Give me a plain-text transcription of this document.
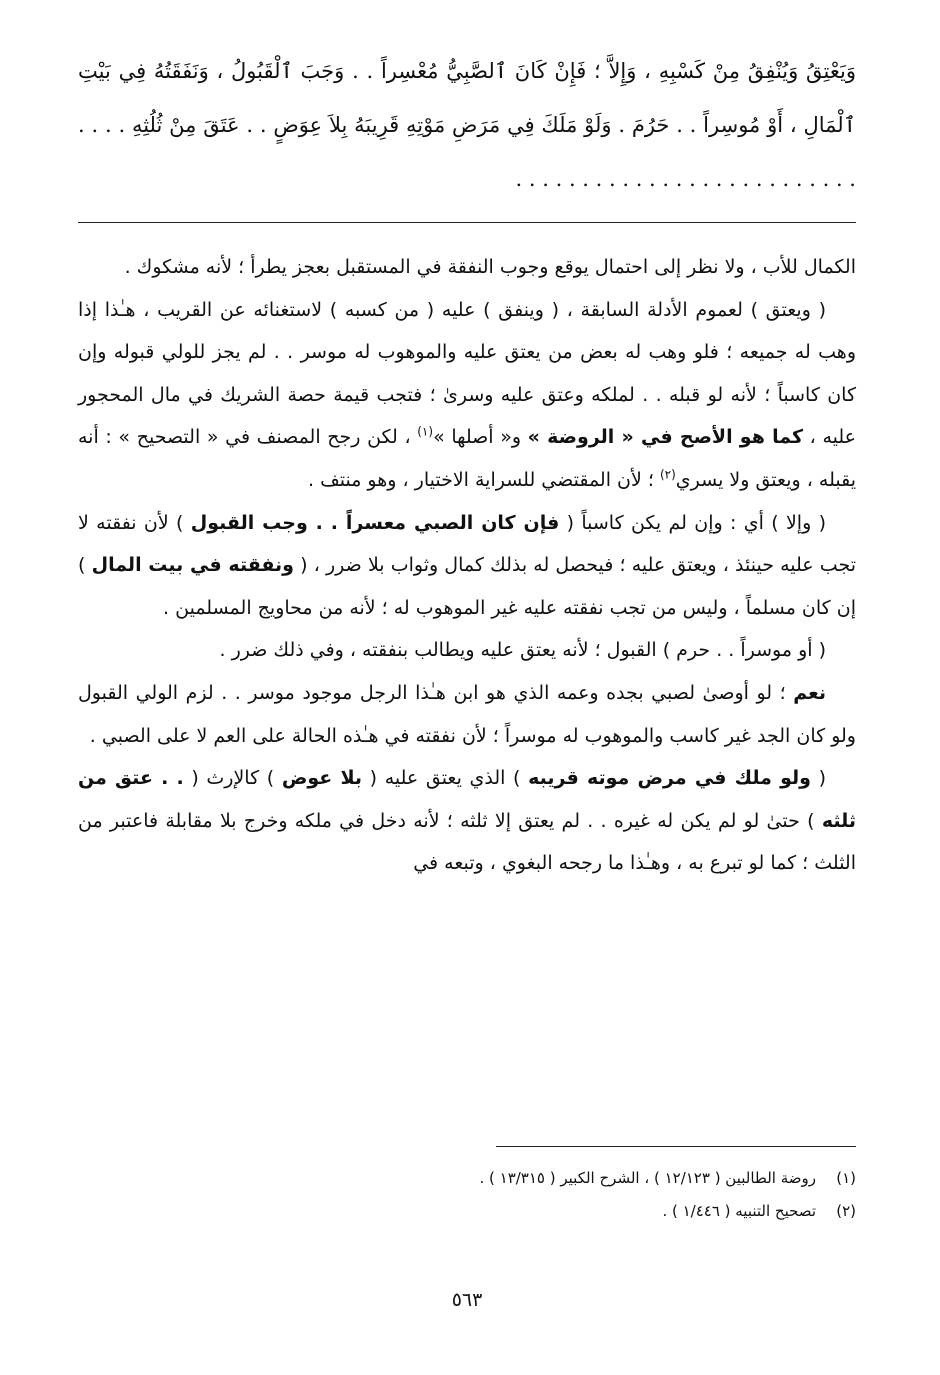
وَيَعْتِقُ وَيُنْفِقُ مِنْ كَسْبِهِ ، وَإِلاَّ ؛ فَإِنْ كَانَ ٱلصَّبِيُّ مُعْسِراً . . وَجَبَ ٱلْقَبُولُ ، وَنَفَقَتُهُ فِي بَيْتِ ٱلْمَالِ ، أَوْ مُوسِراً . . حَرُمَ . وَلَوْ مَلَكَ فِي مَرَضِ مَوْتِهِ قَرِيبَهُ بِلاَ عِوَضٍ . . عَتَقَ مِنْ ثُلُثِهِ . . . . . . . . . . . . . . . . . . . . . . . . . . . . . .

الكمال للأب ، ولا نظر إلى احتمال يوقع وجوب النفقة في المستقبل بعجز يطرأ ؛ لأنه مشكوك .

( ويعتق ) لعموم الأدلة السابقة ، ( وينفق ) عليه ( من كسبه ) لاستغنائه عن القريب ، هـٰذا إذا وهب له جميعه ؛ فلو وهب له بعض من يعتق عليه والموهوب له موسر . . لم يجز للولي قبوله وإن كان كاسباً ؛ لأنه لو قبله . . لملكه وعتق عليه وسرىٰ ؛ فتجب قيمة حصة الشريك في مال المحجور عليه ، كما هو الأصح في « الروضة » و« أصلها »$^{(١)}$ ، لكن رجح المصنف في « التصحيح » : أنه يقبله ، ويعتق ولا يسري$^{(٢)}$ ؛ لأن المقتضي للسراية الاختيار ، وهو منتف .

( وإلا ) أي : وإن لم يكن كاسباً ( فإن كان الصبي معسراً . . وجب القبول ) لأن نفقته لا تجب عليه حينئذ ، ويعتق عليه ؛ فيحصل له بذلك كمال وثواب بلا ضرر ، ( ونفقته في بيت المال ) إن كان مسلماً ، وليس من تجب نفقته عليه غير الموهوب له ؛ لأنه من محاويج المسلمين .

( أو موسراً . . حرم ) القبول ؛ لأنه يعتق عليه ويطالب بنفقته ، وفي ذلك ضرر .

نعم ؛ لو أوصىٰ لصبي بجده وعمه الذي هو ابن هـٰذا الرجل موجود موسر . . لزم الولي القبول ولو كان الجد غير كاسب والموهوب له موسراً ؛ لأن نفقته في هـٰذه الحالة على العم لا على الصبي .

( ولو ملك في مرض موته قريبه ) الذي يعتق عليه ( بلا عوض ) كالإرث ( . . عتق من ثلثه ) حتىٰ لو لم يكن له غيره . . لم يعتق إلا ثلثه ؛ لأنه دخل في ملكه وخرج بلا مقابلة فاعتبر من الثلث ؛ كما لو تبرع به ، وهـٰذا ما رجحه البغوي ، وتبعه في

(١)
روضة الطالبين ( ١٢/١٢٣ ) ، الشرح الكبير ( ١٣/٣١٥ ) .
(٢)
تصحيح التنبيه ( ١/٤٤٦ ) .
٥٦٣
